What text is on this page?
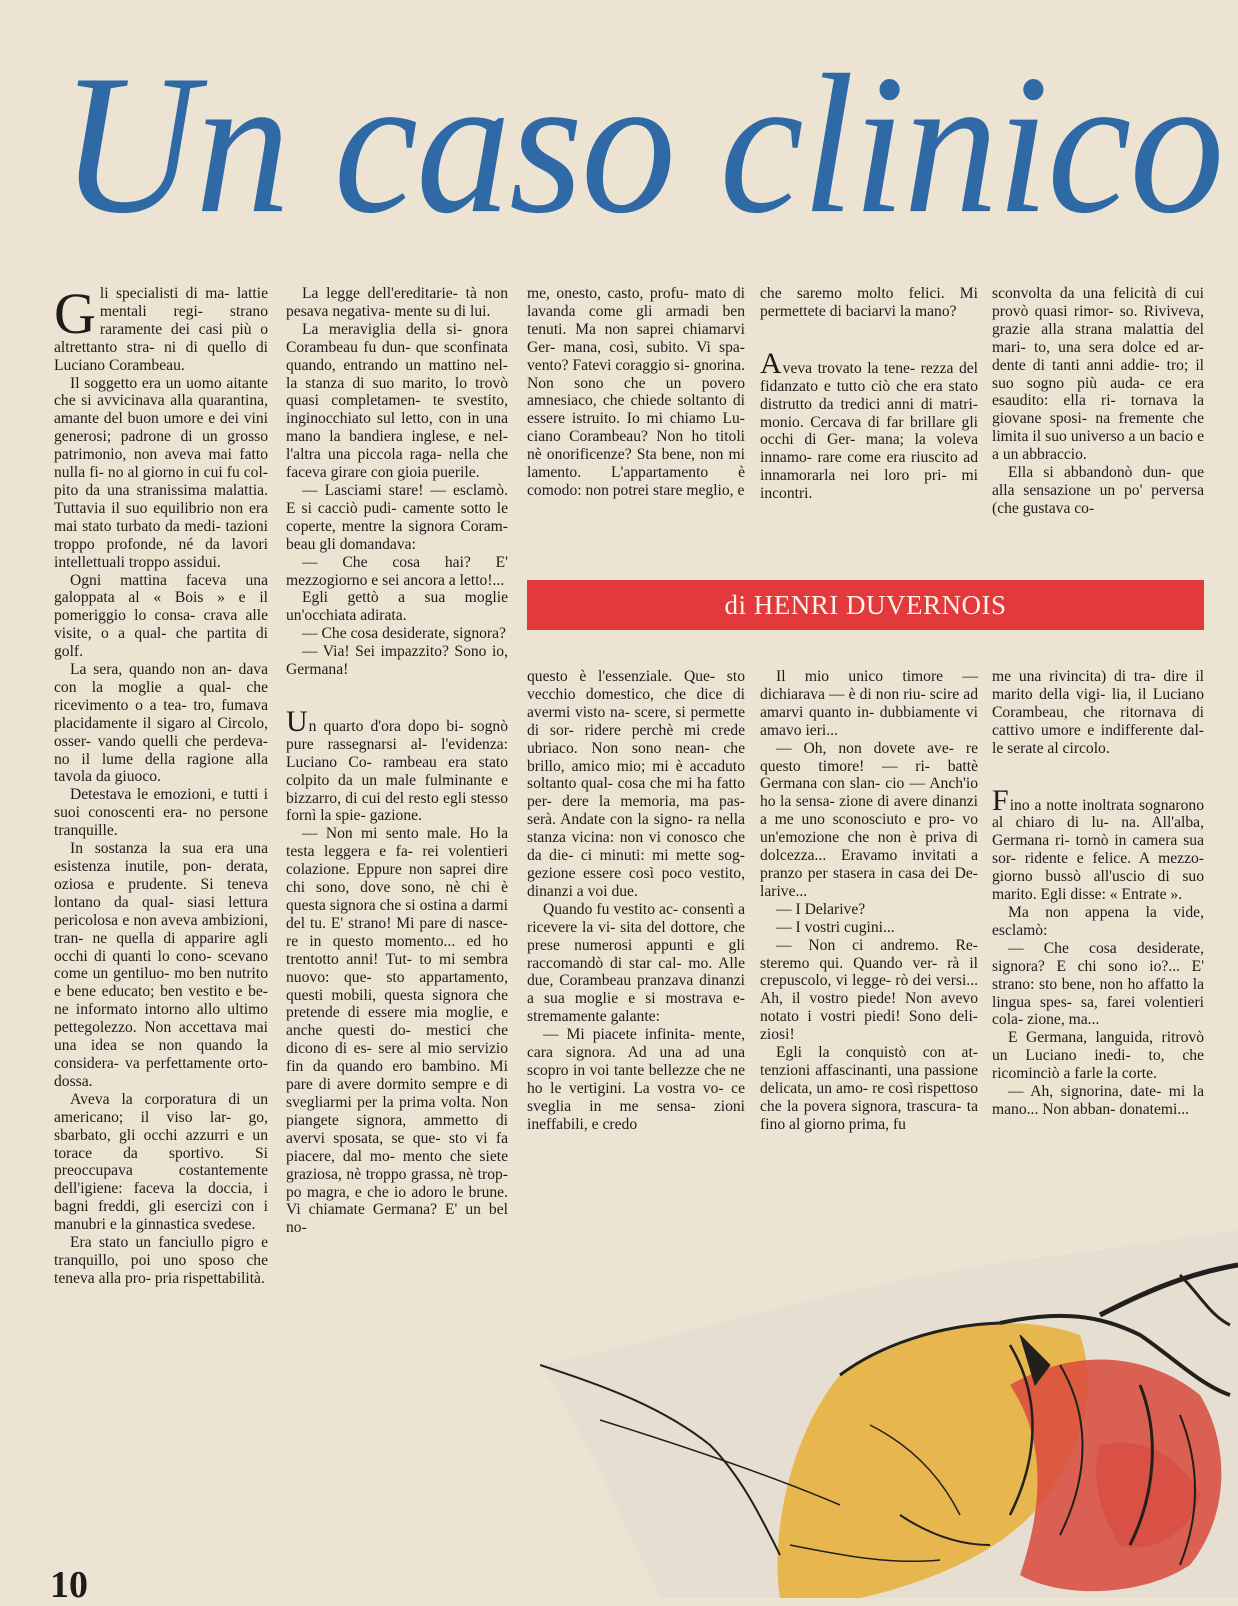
Un caso clinico

Gli specialisti di ma- lattie mentali regi- strano raramente dei casi più o altrettanto stra- ni di quello di Luciano Corambeau.

Il soggetto era un uomo aitante che si avvicinava alla quarantina, amante del buon umore e dei vini generosi; padrone di un grosso patrimonio, non aveva mai fatto nulla fi- no al giorno in cui fu col- pito da una stranissima malattia. Tuttavia il suo equilibrio non era mai stato turbato da medi- tazioni troppo profonde, né da lavori intellettuali troppo assidui.

Ogni mattina faceva una galoppata al « Bois » e il pomeriggio lo consa- crava alle visite, o a qual- che partita di golf.

La sera, quando non an- dava con la moglie a qual- che ricevimento o a tea- tro, fumava placidamente il sigaro al Circolo, osser- vando quelli che perdeva- no il lume della ragione alla tavola da giuoco.

Detestava le emozioni, e tutti i suoi conoscenti era- no persone tranquille.

In sostanza la sua era una esistenza inutile, pon- derata, oziosa e prudente. Si teneva lontano da qual- siasi lettura pericolosa e non aveva ambizioni, tran- ne quella di apparire agli occhi di quanti lo cono- scevano come un gentiluo- mo ben nutrito e bene educato; ben vestito e be- ne informato intorno allo ultimo pettegolezzo. Non accettava mai una idea se non quando la considera- va perfettamente orto- dossa.

Aveva la corporatura di un americano; il viso lar- go, sbarbato, gli occhi azzurri e un torace da sportivo. Si preoccupava costantemente dell'igiene: faceva la doccia, i bagni freddi, gli esercizi con i manubri e la ginnastica svedese.

Era stato un fanciullo pigro e tranquillo, poi uno sposo che teneva alla pro- pria rispettabilità.

La legge dell'ereditarie- tà non pesava negativa- mente su di lui.

La meraviglia della si- gnora Corambeau fu dun- que sconfinata quando, entrando un mattino nel- la stanza di suo marito, lo trovò quasi completamen- te svestito, inginocchiato sul letto, con in una mano la bandiera inglese, e nel- l'altra una piccola raga- nella che faceva girare con gioia puerile.

— Lasciami stare! — esclamò. E si cacciò pudi- camente sotto le coperte, mentre la signora Coram- beau gli domandava:

— Che cosa hai? E' mezzogiorno e sei ancora a letto!...

Egli gettò a sua moglie un'occhiata adirata.

— Che cosa desiderate, signora?

— Via! Sei impazzito? Sono io, Germana!

Un quarto d'ora dopo bi- sognò pure rassegnarsi al- l'evidenza: Luciano Co- rambeau era stato colpito da un male fulminante e bizzarro, di cui del resto egli stesso fornì la spie- gazione.

— Non mi sento male. Ho la testa leggera e fa- rei volentieri colazione. Eppure non saprei dire chi sono, dove sono, nè chi è questa signora che si ostina a darmi del tu. E' strano! Mi pare di nasce- re in questo momento... ed ho trentotto anni! Tut- to mi sembra nuovo: que- sto appartamento, questi mobili, questa signora che pretende di essere mia moglie, e anche questi do- mestici che dicono di es- sere al mio servizio fin da quando ero bambino. Mi pare di avere dormito sempre e di svegliarmi per la prima volta. Non piangete signora, ammetto di avervi sposata, se que- sto vi fa piacere, dal mo- mento che siete graziosa, nè troppo grassa, nè trop- po magra, e che io adoro le brune. Vi chiamate Germana? E' un bel no-

me, onesto, casto, profu- mato di lavanda come gli armadi ben tenuti. Ma non saprei chiamarvi Ger- mana, così, subito. Vi spa- vento? Fatevi coraggio si- gnorina. Non sono che un povero amnesiaco, che chiede soltanto di essere istruito. Io mi chiamo Lu- ciano Corambeau? Non ho titoli nè onorificenze? Sta bene, non mi lamento. L'appartamento è comodo: non potrei stare meglio, e

che saremo molto felici. Mi permettete di baciarvi la mano?

Aveva trovato la tene- rezza del fidanzato e tutto ciò che era stato distrutto da tredici anni di matri- monio. Cercava di far brillare gli occhi di Ger- mana; la voleva innamo- rare come era riuscito ad innamorarla nei loro pri- mi incontri.

sconvolta da una felicità di cui provò quasi rimor- so. Riviveva, grazie alla strana malattia del mari- to, una sera dolce ed ar- dente di tanti anni addie- tro; il suo sogno più auda- ce era esaudito: ella ri- tornava la giovane sposi- na fremente che limita il suo universo a un bacio e a un abbraccio.

Ella si abbandonò dun- que alla sensazione un po' perversa (che gustava co-

di HENRI DUVERNOIS

questo è l'essenziale. Que- sto vecchio domestico, che dice di avermi visto na- scere, si permette di sor- ridere perchè mi crede ubriaco. Non sono nean- che brillo, amico mio; mi è accaduto soltanto qual- cosa che mi ha fatto per- dere la memoria, ma pas- serà. Andate con la signo- ra nella stanza vicina: non vi conosco che da die- ci minuti: mi mette sog- gezione essere così poco vestito, dinanzi a voi due.

Quando fu vestito ac- consentì a ricevere la vi- sita del dottore, che prese numerosi appunti e gli raccomandò di star cal- mo. Alle due, Corambeau pranzava dinanzi a sua moglie e si mostrava e- stremamente galante:

— Mi piacete infinita- mente, cara signora. Ad una ad una scopro in voi tante bellezze che ne ho le vertigini. La vostra vo- ce sveglia in me sensa- zioni ineffabili, e credo

Il mio unico timore — dichiarava — è di non riu- scire ad amarvi quanto in- dubbiamente vi amavo ieri...

— Oh, non dovete ave- re questo timore! — ri- battè Germana con slan- cio — Anch'io ho la sensa- zione di avere dinanzi a me uno sconosciuto e pro- vo un'emozione che non è priva di dolcezza... Eravamo invitati a pranzo per stasera in casa dei De- larive...

— I Delarive?

— I vostri cugini...

— Non ci andremo. Re- steremo qui. Quando ver- rà il crepuscolo, vi legge- rò dei versi... Ah, il vostro piede! Non avevo notato i vostri piedi! Sono deli- ziosi!

Egli la conquistò con at- tenzioni affascinanti, una passione delicata, un amo- re così rispettoso che la povera signora, trascura- ta fino al giorno prima, fu

me una rivincita) di tra- dire il marito della vigi- lia, il Luciano Corambeau, che ritornava di cattivo umore e indifferente dal- le serate al circolo.

Fino a notte inoltrata sognarono al chiaro di lu- na. All'alba, Germana ri- tornò in camera sua sor- ridente e felice. A mezzo- giorno bussò all'uscio di suo marito. Egli disse: « Entrate ».

Ma non appena la vide, esclamò:

— Che cosa desiderate, signora? E chi sono io?... E' strano: sto bene, non ho affatto la lingua spes- sa, farei volentieri cola- zione, ma...

E Germana, languida, ritrovò un Luciano inedi- to, che ricominciò a farle la corte.

— Ah, signorina, date- mi la mano... Non abban- donatemi...

10
